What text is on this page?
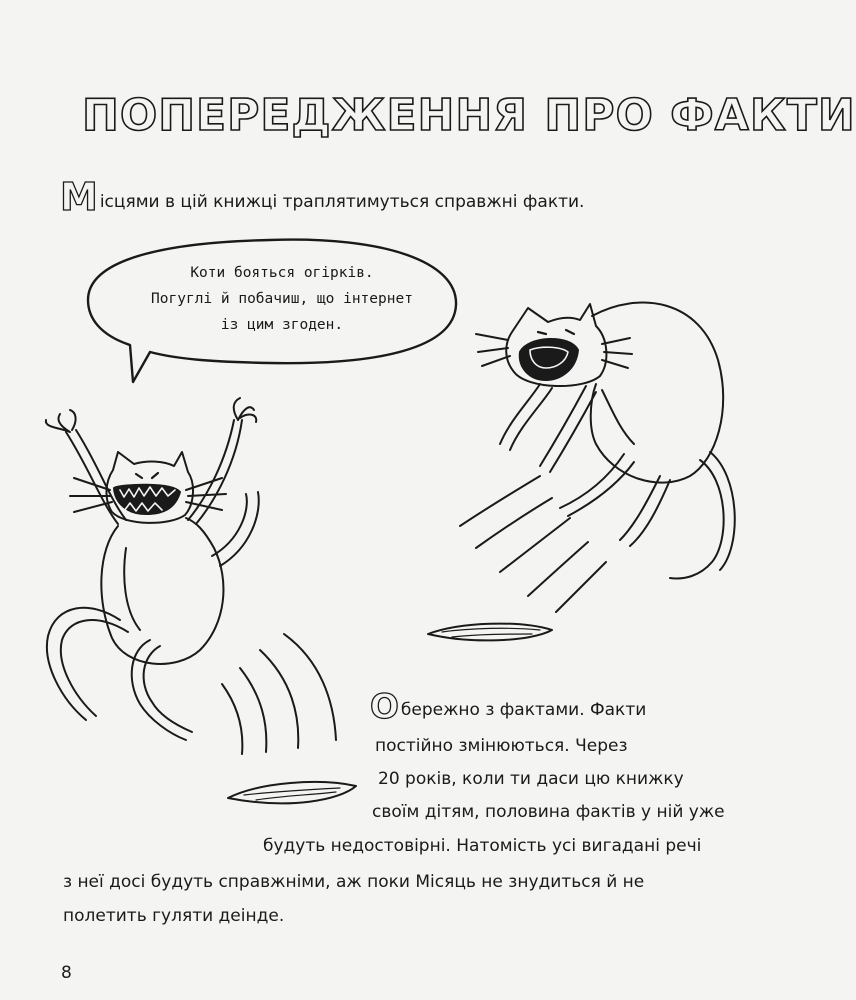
ПОПЕРЕДЖЕННЯ ПРО ФАКТИ
Місцями в цій книжці траплятимуться справжні факти.
Коти бояться огірків.
Погуглі й побачиш, що інтернет
із цим згоден.
Обережно з фактами. Факти
постійно змінюються. Через
20 років, коли ти даси цю книжку
своїм дітям, половина фактів у ній уже
будуть недостовірні. Натомість усі вигадані речі
з неї досі будуть справжніми, аж поки Місяць не знудиться й не
полетить гуляти деінде.
8
